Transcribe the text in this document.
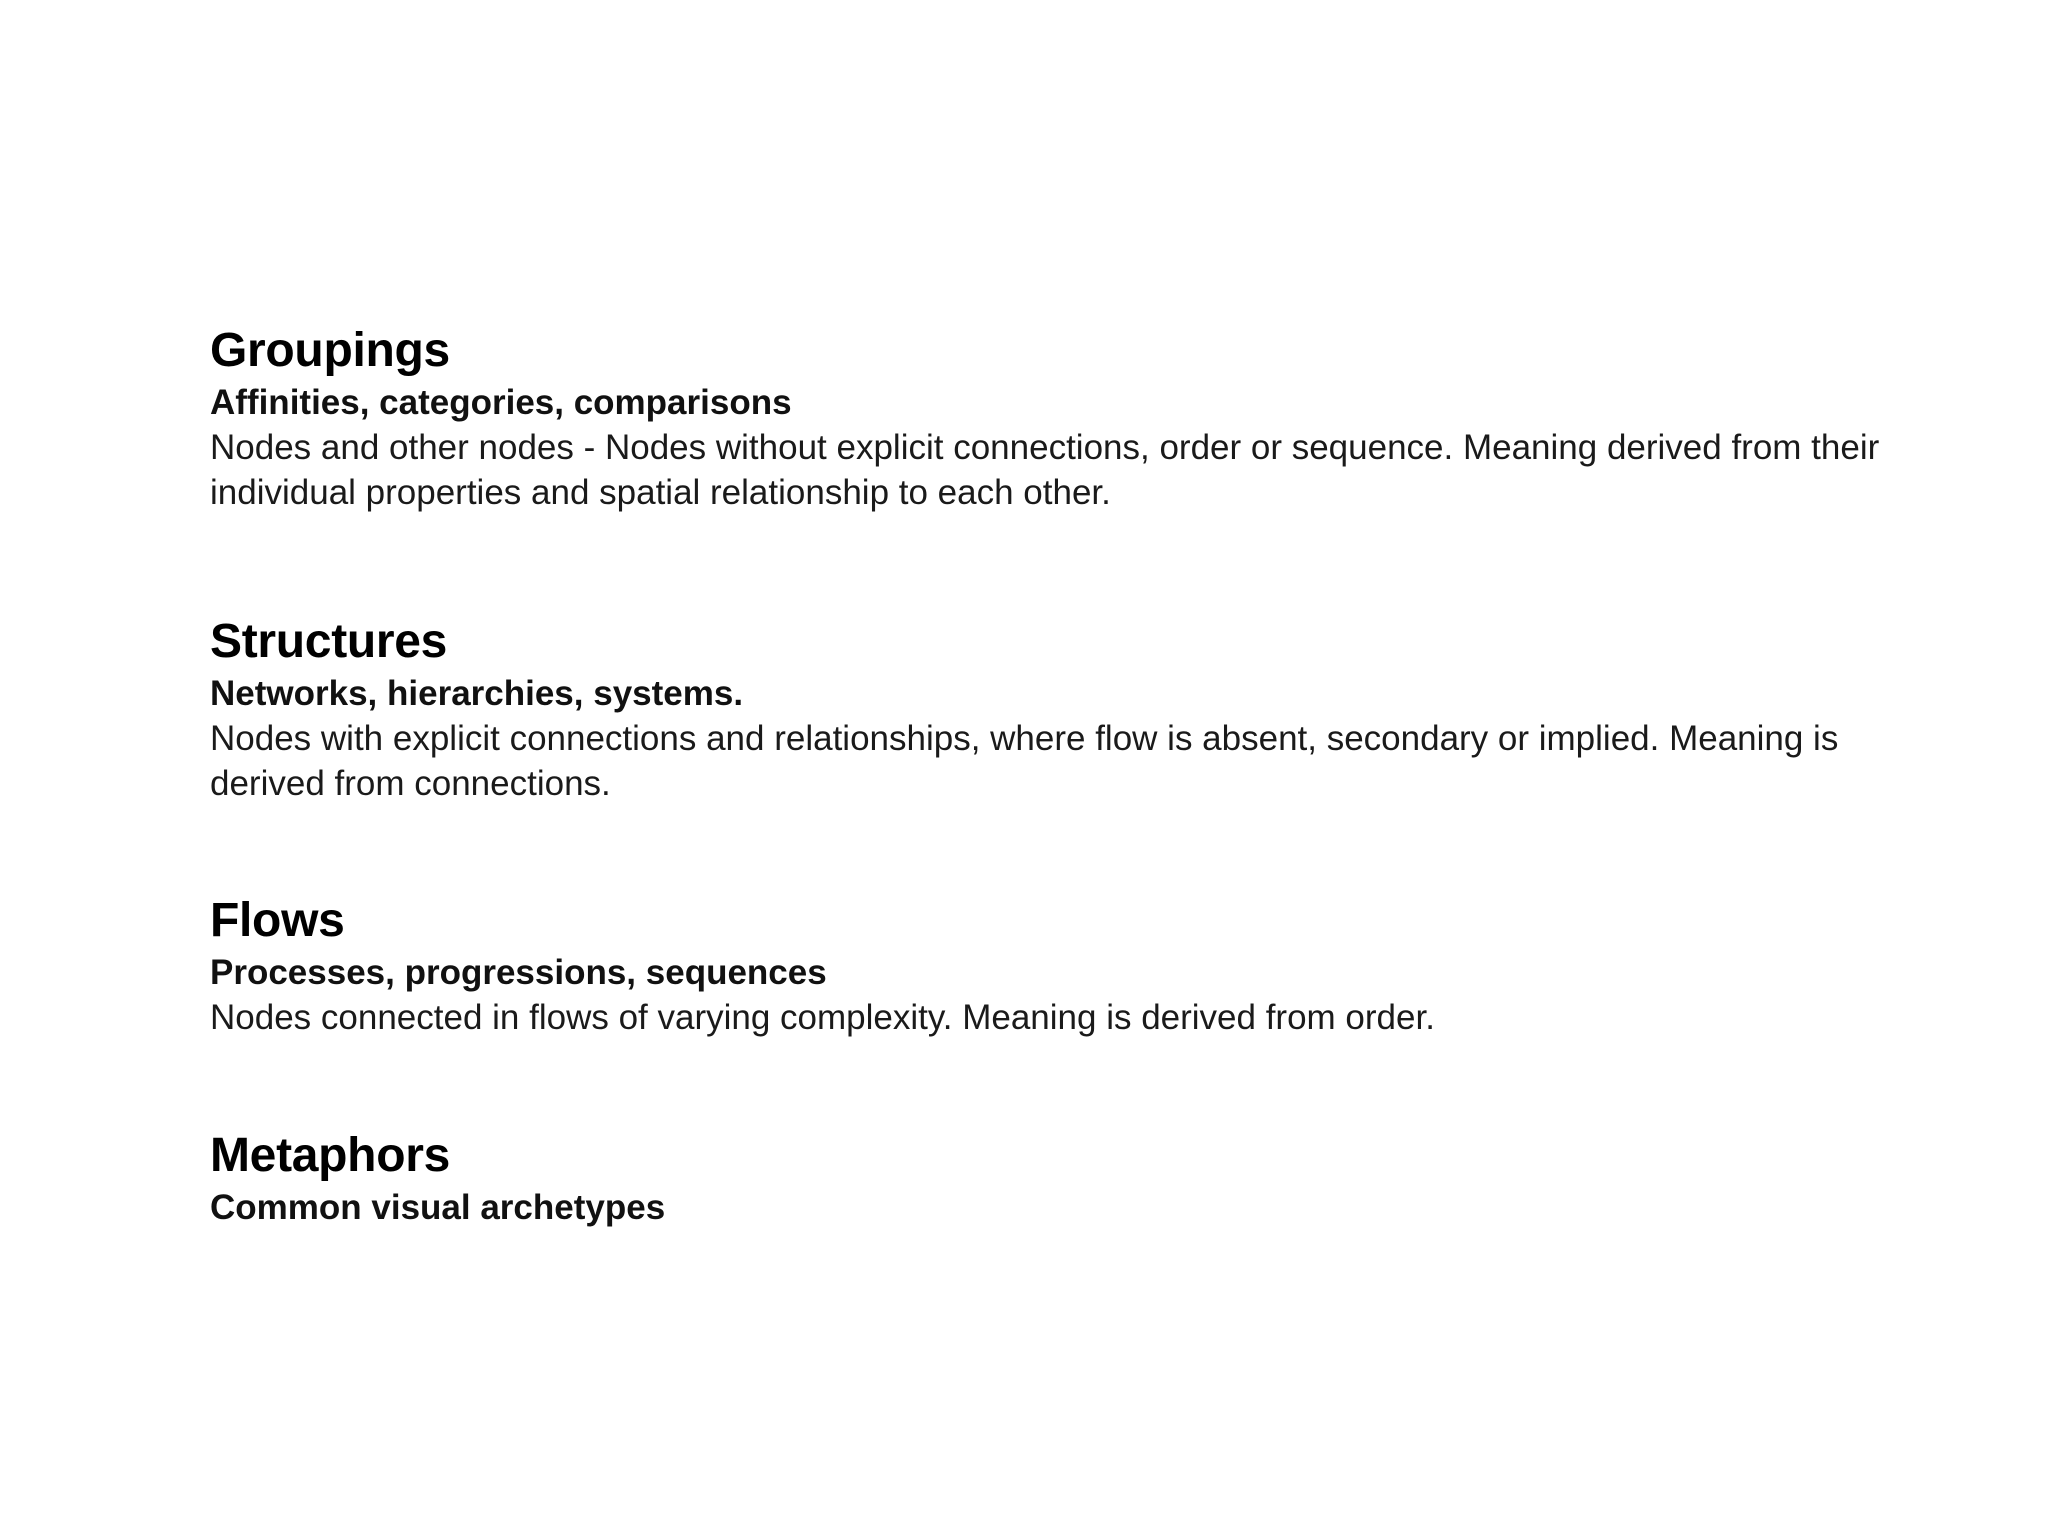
Groupings
Affinities, categories, comparisons

Nodes and other nodes - Nodes without explicit connections, order or sequence. Meaning derived from their individual properties and spatial relationship to each other.

Structures
Networks, hierarchies, systems.

Nodes with explicit connections and relationships, where flow is absent, secondary or implied. Meaning is derived from connections.

Flows
Processes, progressions, sequences

Nodes connected in flows of varying complexity. Meaning is derived from order.

Metaphors
Common visual archetypes
